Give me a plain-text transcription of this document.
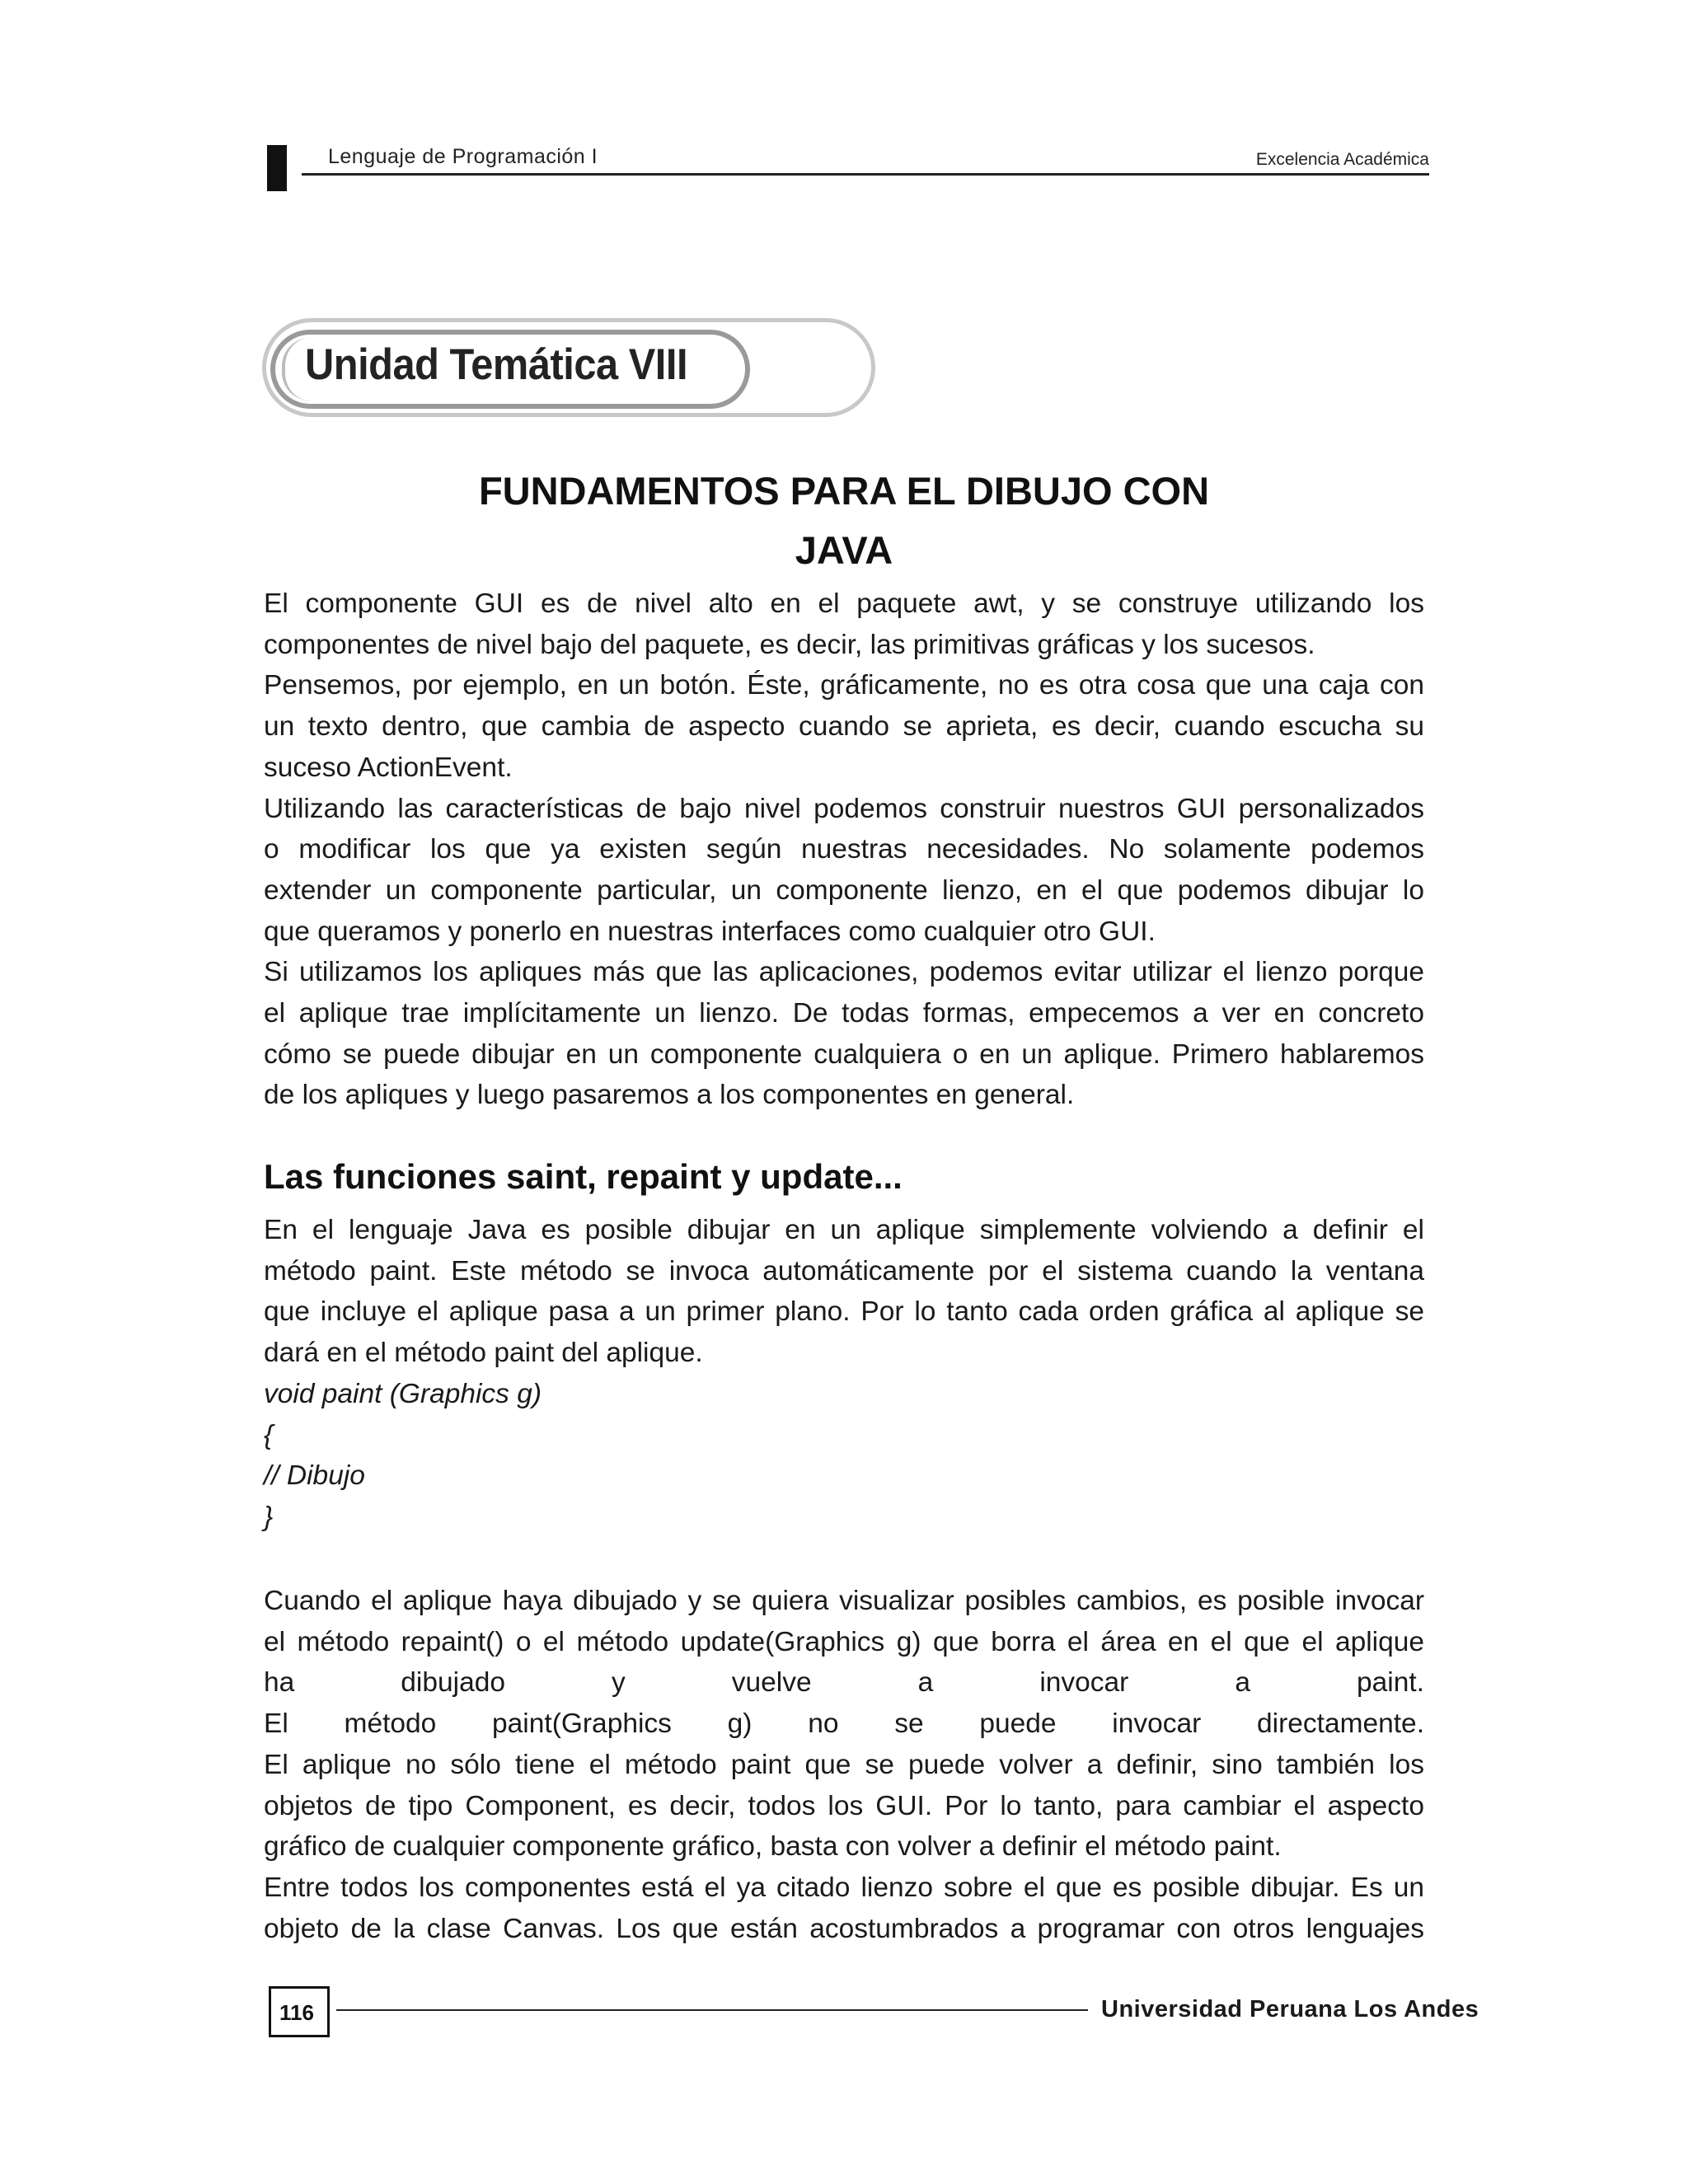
Lenguaje de Programación I	Excelencia Académica
Unidad Temática VIII
FUNDAMENTOS PARA EL DIBUJO CON
JAVA

El componente GUI es de nivel alto en el paquete awt, y se construye utilizando los

componentes de nivel bajo del paquete, es decir, las primitivas gráficas y los sucesos.

Pensemos, por ejemplo, en un botón. Éste, gráficamente, no es otra cosa que una caja con

un texto dentro, que cambia de aspecto cuando se aprieta, es decir, cuando escucha su

suceso ActionEvent.

Utilizando las características de bajo nivel podemos construir nuestros GUI personalizados

o modificar los que ya existen según nuestras necesidades. No solamente podemos

extender un componente particular, un componente lienzo, en el que podemos dibujar lo

que queramos y ponerlo en nuestras interfaces como cualquier otro GUI.

Si utilizamos los apliques más que las aplicaciones, podemos evitar utilizar el lienzo porque

el aplique trae implícitamente un lienzo. De todas formas, empecemos a ver en concreto

cómo se puede dibujar en un componente cualquiera o en un aplique. Primero hablaremos

de los apliques y luego pasaremos a los componentes en general.

Las funciones saint, repaint y update...

En el lenguaje Java es posible dibujar en un aplique simplemente volviendo a definir el

método paint. Este método se invoca automáticamente por el sistema cuando la ventana

que incluye el aplique pasa a un primer plano. Por lo tanto cada orden gráfica al aplique se

dará en el método paint del aplique.

void paint (Graphics g)

{

// Dibujo

}

Cuando el aplique haya dibujado y se quiera visualizar posibles cambios, es posible invocar

el método repaint() o el método update(Graphics g) que borra el área en el que el aplique

ha dibujado y vuelve a invocar a paint.

El método paint(Graphics g) no se puede invocar directamente.

El aplique no sólo tiene el método paint que se puede volver a definir, sino también los

objetos de tipo Component, es decir, todos los GUI. Por lo tanto, para cambiar el aspecto

gráfico de cualquier componente gráfico, basta con volver a definir el método paint.

Entre todos los componentes está el ya citado lienzo sobre el que es posible dibujar. Es un

objeto de la clase Canvas. Los que están acostumbrados a programar con otros lenguajes

116	Universidad Peruana Los Andes
